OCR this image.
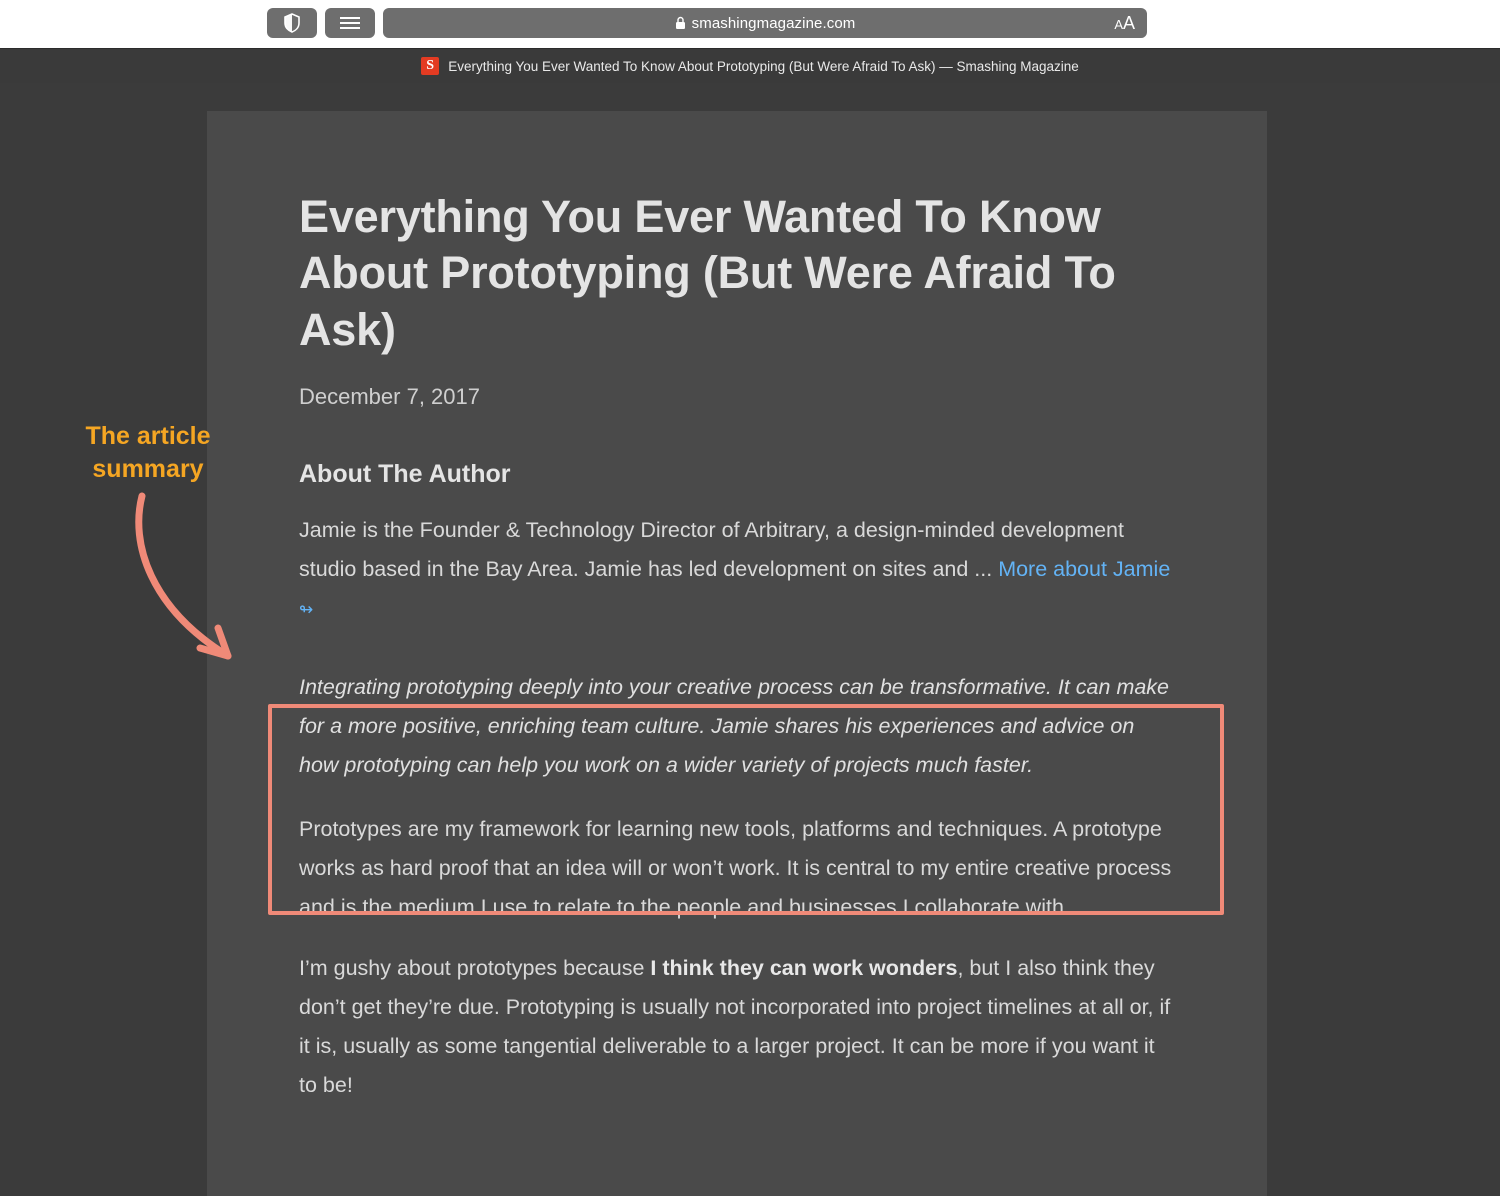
smashingmagazine.com	AA
S	Everything You Ever Wanted To Know About Prototyping (But Were Afraid To Ask) — Smashing Magazine
Everything You Ever Wanted To Know About Prototyping (But Were Afraid To Ask)
December 7, 2017
About The Author

Jamie is the Founder & Technology Director of Arbitrary, a design-minded development studio based in the Bay Area. Jamie has led development on sites and ... More about Jamie ↬

Integrating prototyping deeply into your creative process can be transformative. It can make for a more positive, enriching team culture. Jamie shares his experiences and advice on how prototyping can help you work on a wider variety of projects much faster.

Prototypes are my framework for learning new tools, platforms and techniques. A prototype works as hard proof that an idea will or won’t work. It is central to my entire creative process and is the medium I use to relate to the people and businesses I collaborate with.

I’m gushy about prototypes because I think they can work wonders, but I also think they don’t get they’re due. Prototyping is usually not incorporated into project timelines at all or, if it is, usually as some tangential deliverable to a larger project. It can be more if you want it to be!

The article summary
